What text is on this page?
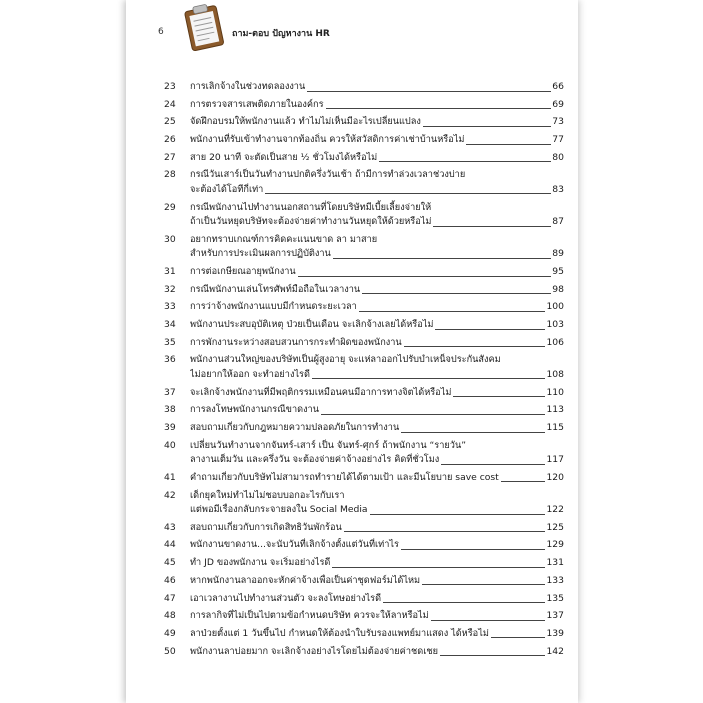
6	ถาม-ตอบ ปัญหางาน HR
23	การเลิกจ้างในช่วงทดลองงาน	66
24	การตรวจสารเสพติดภายในองค์กร	69
25	จัดฝึกอบรมให้พนักงานแล้ว ทำไมไม่เห็นมีอะไรเปลี่ยนแปลง	73
26	พนักงานที่รับเข้าทำงานจากท้องถิ่น ควรให้สวัสดิการค่าเช่าบ้านหรือไม่	77
27	สาย 20 นาที จะตัดเป็นสาย ½ ชั่วโมงได้หรือไม่	80
28	กรณีวันเสาร์เป็นวันทำงานปกติครึ่งวันเช้า ถ้ามีการทำล่วงเวลาช่วงบ่าย
จะต้องได้โอทีกี่เท่า	83
29	กรณีพนักงานไปทำงานนอกสถานที่โดยบริษัทมีเบี้ยเลี้ยงจ่ายให้
ถ้าเป็นวันหยุดบริษัทจะต้องจ่ายค่าทำงานวันหยุดให้ด้วยหรือไม่	87
30	อยากทราบเกณฑ์การคิดคะแนนขาด ลา มาสาย
สำหรับการประเมินผลการปฏิบัติงาน	89
31	การต่อเกษียณอายุพนักงาน	95
32	กรณีพนักงานเล่นโทรศัพท์มือถือในเวลางาน	98
33	การว่าจ้างพนักงานแบบมีกำหนดระยะเวลา	100
34	พนักงานประสบอุบัติเหตุ ป่วยเป็นเดือน จะเลิกจ้างเลยได้หรือไม่	103
35	การพักงานระหว่างสอบสวนการกระทำผิดของพนักงาน	106
36	พนักงานส่วนใหญ่ของบริษัทเป็นผู้สูงอายุ จะแห่ลาออกไปรับบำเหน็จประกันสังคม
ไม่อยากให้ออก จะทำอย่างไรดี	108
37	จะเลิกจ้างพนักงานที่มีพฤติกรรมเหมือนคนมีอาการทางจิตได้หรือไม่	110
38	การลงโทษพนักงานกรณีขาดงาน	113
39	สอบถามเกี่ยวกับกฎหมายความปลอดภัยในการทำงาน	115
40	เปลี่ยนวันทำงานจากจันทร์-เสาร์ เป็น จันทร์-ศุกร์ ถ้าพนักงาน “รายวัน”
ลางานเต็มวัน และครึ่งวัน จะต้องจ่ายค่าจ้างอย่างไร คิดที่ชั่วโมง	117
41	คำถามเกี่ยวกับบริษัทไม่สามารถทำรายได้ได้ตามเป้า และมีนโยบาย save cost	120
42	เด็กยุคใหม่ทำไมไม่ชอบบอกอะไรกับเรา
แต่พอมีเรื่องกลับกระจายลงใน Social Media	122
43	สอบถามเกี่ยวกับการเกิดสิทธิวันพักร้อน	125
44	พนักงานขาดงาน...จะนับวันที่เลิกจ้างตั้งแต่วันที่เท่าไร	129
45	ทำ JD ของพนักงาน จะเริ่มอย่างไรดี	131
46	หากพนักงานลาออกจะหักค่าจ้างเพื่อเป็นค่าชุดฟอร์มได้ไหม	133
47	เอาเวลางานไปทำงานส่วนตัว จะลงโทษอย่างไรดี	135
48	การลากิจที่ไม่เป็นไปตามข้อกำหนดบริษัท ควรจะให้ลาหรือไม่	137
49	ลาป่วยตั้งแต่ 1 วันขึ้นไป กำหนดให้ต้องนำใบรับรองแพทย์มาแสดง ได้หรือไม่	139
50	พนักงานลาบ่อยมาก จะเลิกจ้างอย่างไรโดยไม่ต้องจ่ายค่าชดเชย	142
